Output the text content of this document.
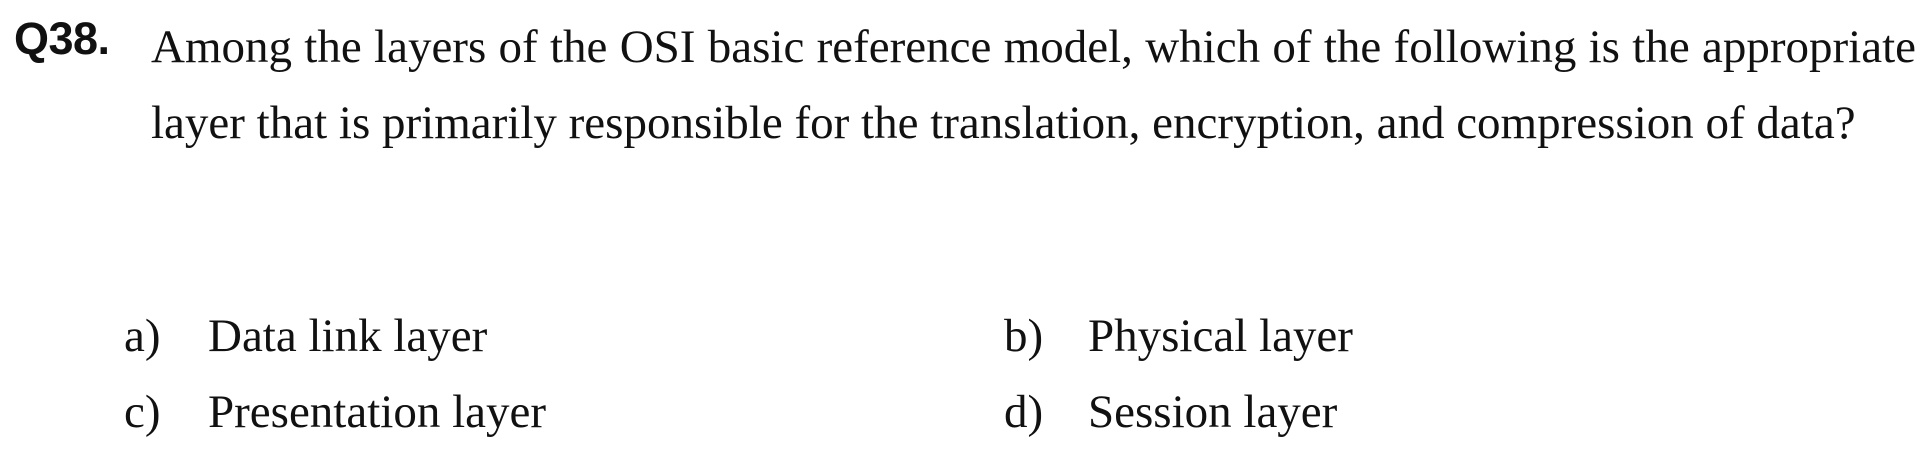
Q38. Among the layers of the OSI basic reference model, which of the following is the appropriate layer that is primarily responsible for the translation, encryption, and compression of data?
a) Data link layer	b) Physical layer
c) Presentation layer	d) Session layer
